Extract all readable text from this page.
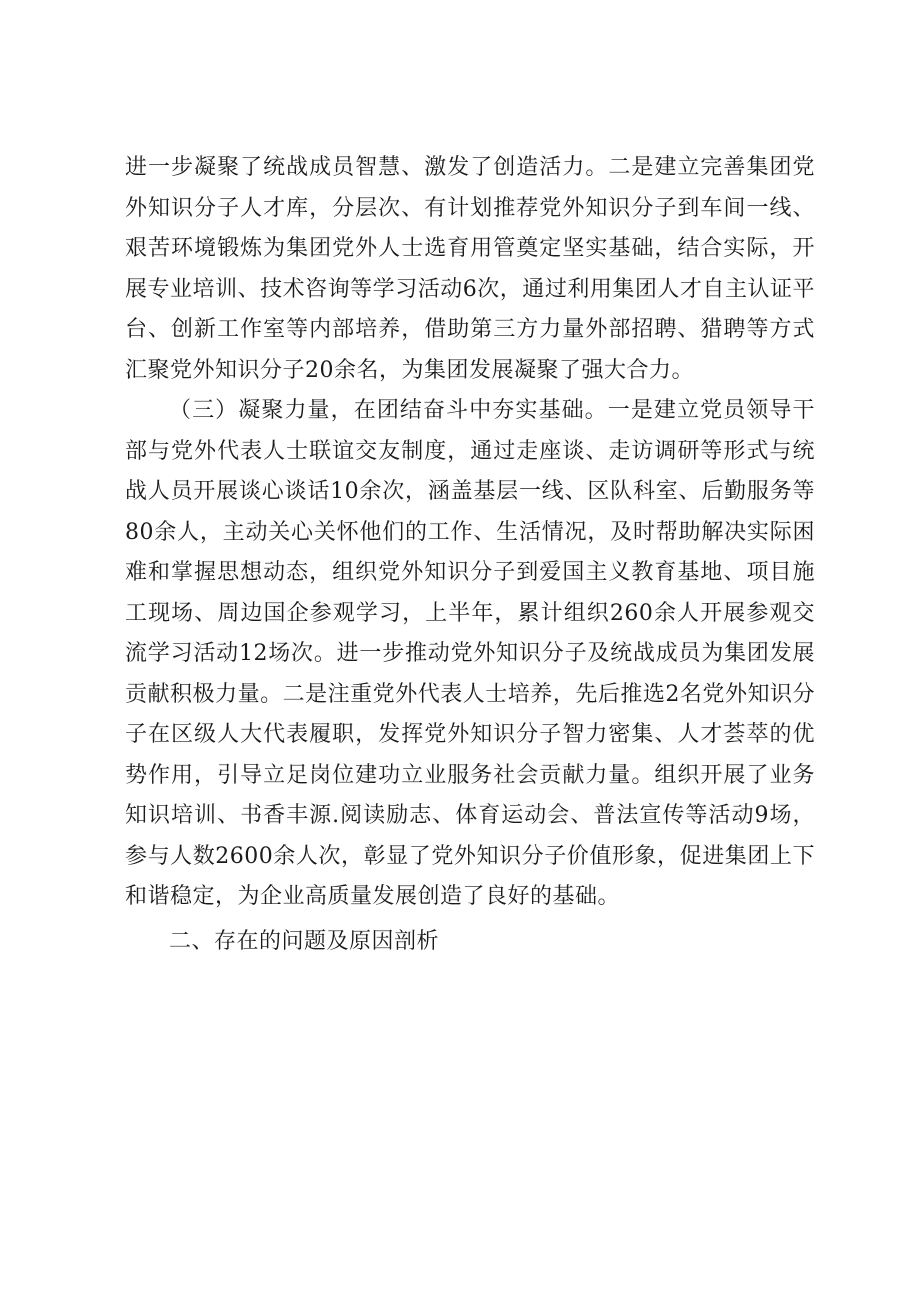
进一步凝聚了统战成员智慧、激发了创造活力。二是建立完善集团党外知识分子人才库，分层次、有计划推荐党外知识分子到车间一线、艰苦环境锻炼为集团党外人士选育用管奠定坚实基础，结合实际，开展专业培训、技术咨询等学习活动6次，通过利用集团人才自主认证平台、创新工作室等内部培养，借助第三方力量外部招聘、猎聘等方式汇聚党外知识分子20余名，为集团发展凝聚了强大合力。

（三）凝聚力量，在团结奋斗中夯实基础。一是建立党员领导干部与党外代表人士联谊交友制度，通过走座谈、走访调研等形式与统战人员开展谈心谈话10余次，涵盖基层一线、区队科室、后勤服务等80余人，主动关心关怀他们的工作、生活情况，及时帮助解决实际困难和掌握思想动态，组织党外知识分子到爱国主义教育基地、项目施工现场、周边国企参观学习，上半年，累计组织260余人开展参观交流学习活动12场次。进一步推动党外知识分子及统战成员为集团发展贡献积极力量。二是注重党外代表人士培养，先后推选2名党外知识分子在区级人大代表履职，发挥党外知识分子智力密集、人才荟萃的优势作用，引导立足岗位建功立业服务社会贡献力量。组织开展了业务知识培训、书香丰源.阅读励志、体育运动会、普法宣传等活动9场，参与人数2600余人次，彰显了党外知识分子价值形象，促进集团上下和谐稳定，为企业高质量发展创造了良好的基础。

二、存在的问题及原因剖析
